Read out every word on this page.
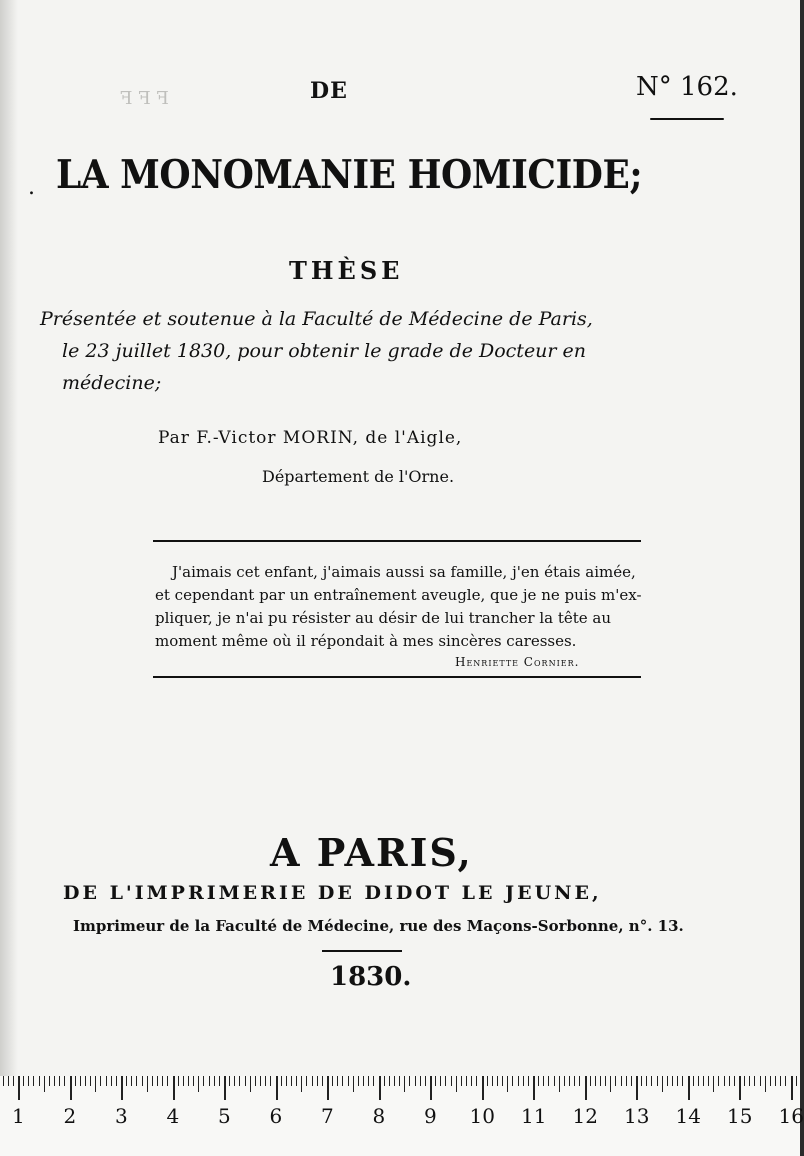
ꟻ ꟻ ꟻ	DE	N° 162.
. LA MONOMANIE HOMICIDE;
THÈSE
Présentée et soutenue à la Faculté de Médecine de Paris,
le 23 juillet 1830, pour obtenir le grade de Docteur en
médecine;
Par F.-Victor MORIN, de l'Aigle,
Département de l'Orne.
J'aimais cet enfant, j'aimais aussi sa famille, j'en étais aimée,
et cependant par un entraînement aveugle, que je ne puis m'ex-
pliquer, je n'ai pu résister au désir de lui trancher la tête au
moment même où il répondait à mes sincères caresses.
Henriette Cornier.
A PARIS,
DE L'IMPRIMERIE DE DIDOT LE JEUNE,
Imprimeur de la Faculté de Médecine, rue des Maçons-Sorbonne, n°. 13.
1830.
1 2 3 4 5 6 7 8 9 10 11 12 13 14 15 16
